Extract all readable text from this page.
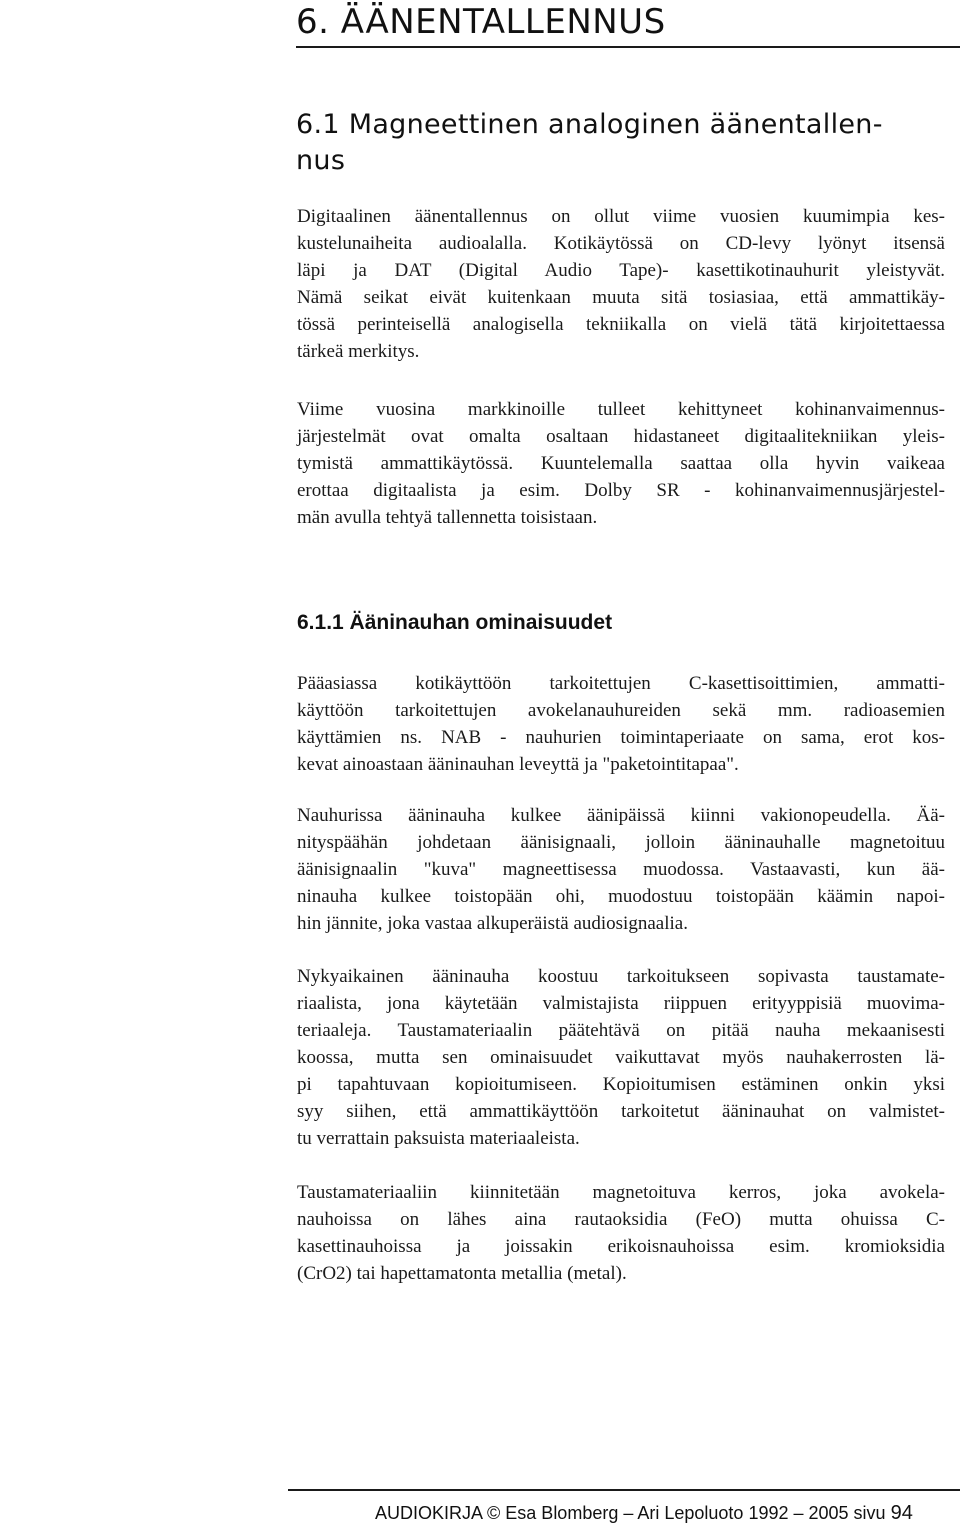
6. ÄÄNENTALLENNUS
6.1 Magneettinen analoginen äänentallen-
nus
Digitaalinen äänentallennus on ollut viime vuosien kuumimpia kes-
kustelunaiheita audioalalla. Kotikäytössä on CD-levy lyönyt itsensä
läpi ja DAT (Digital Audio Tape)- kasettikotinauhurit yleistyvät.
Nämä seikat eivät kuitenkaan muuta sitä tosiasiaa, että ammattikäy-
tössä perinteisellä analogisella tekniikalla on vielä tätä kirjoitettaessa
tärkeä merkitys.
Viime vuosina markkinoille tulleet kehittyneet kohinanvaimennus-
järjestelmät ovat omalta osaltaan hidastaneet digitaalitekniikan yleis-
tymistä ammattikäytössä. Kuuntelemalla saattaa olla hyvin vaikeaa
erottaa digitaalista ja esim. Dolby SR - kohinanvaimennusjärjestel-
män avulla tehtyä tallennetta toisistaan.
6.1.1 Ääninauhan ominaisuudet
Pääasiassa kotikäyttöön tarkoitettujen C-kasettisoittimien, ammatti-
käyttöön tarkoitettujen avokelanauhureiden sekä mm. radioasemien
käyttämien ns. NAB - nauhurien toimintaperiaate on sama, erot kos-
kevat ainoastaan ääninauhan leveyttä ja "paketointitapaa".
Nauhurissa ääninauha kulkee äänipäissä kiinni vakionopeudella. Ää-
nityspäähän johdetaan äänisignaali, jolloin ääninauhalle magnetoituu
äänisignaalin "kuva" magneettisessa muodossa. Vastaavasti, kun ää-
ninauha kulkee toistopään ohi, muodostuu toistopään käämin napoi-
hin jännite, joka vastaa alkuperäistä audiosignaalia.
Nykyaikainen ääninauha koostuu tarkoitukseen sopivasta taustamate-
riaalista, jona käytetään valmistajista riippuen erityyppisiä muovima-
teriaaleja. Taustamateriaalin päätehtävä on pitää nauha mekaanisesti
koossa, mutta sen ominaisuudet vaikuttavat myös nauhakerrosten lä-
pi tapahtuvaan kopioitumiseen. Kopioitumisen estäminen onkin yksi
syy siihen, että ammattikäyttöön tarkoitetut ääninauhat on valmistet-
tu verrattain paksuista materiaaleista.
Taustamateriaaliin kiinnitetään magnetoituva kerros, joka avokela-
nauhoissa on lähes aina rautaoksidia (FeO) mutta ohuissa C-
kasettinauhoissa ja joissakin erikoisnauhoissa esim. kromioksidia
(CrO2) tai hapettamatonta metallia (metal).

AUDIOKIRJA © Esa Blomberg – Ari Lepoluoto 1992 – 2005 sivu 94
